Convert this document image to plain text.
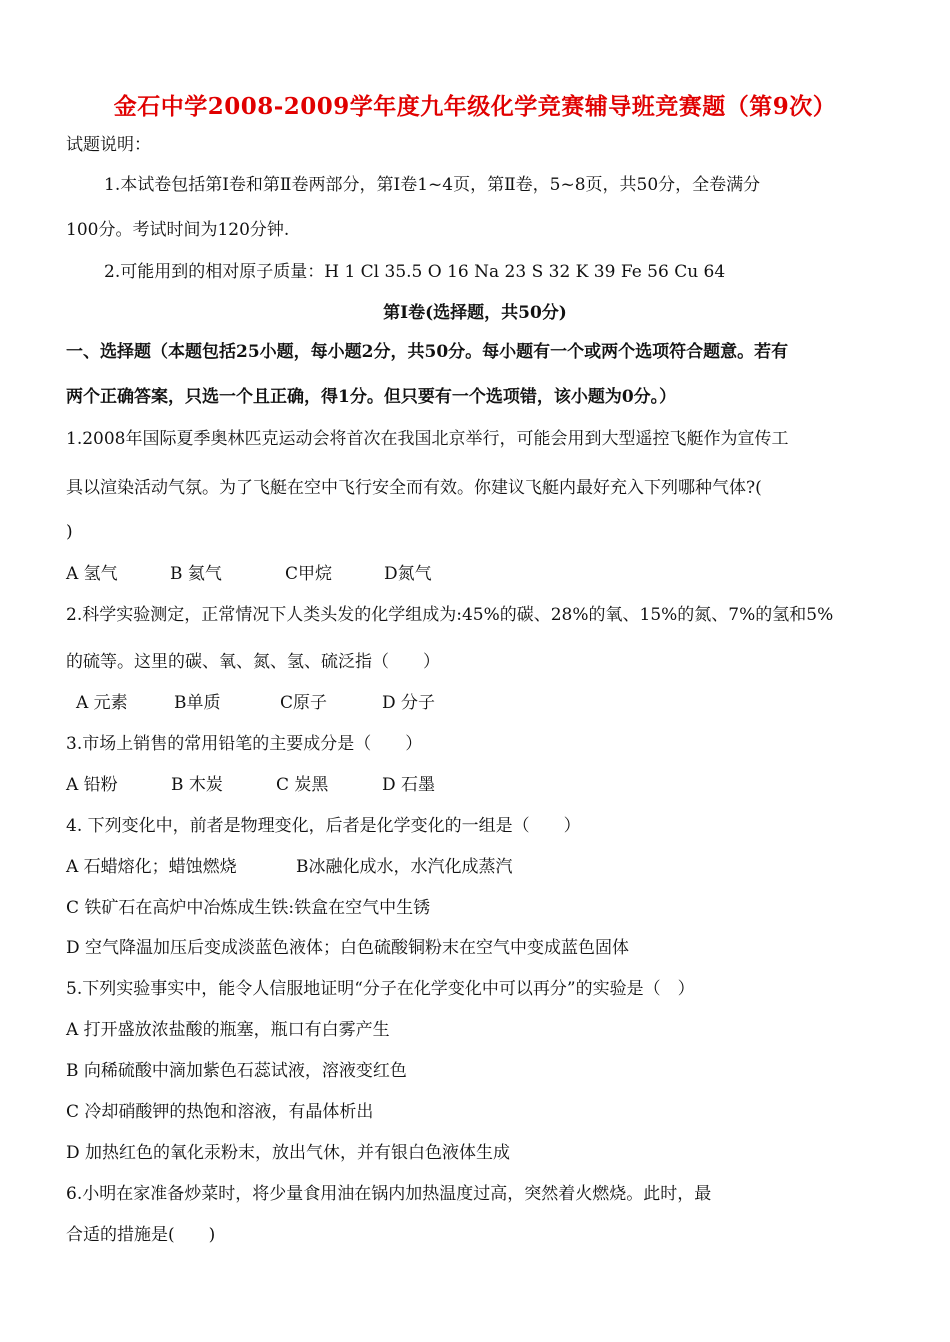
金石中学2008-2009学年度九年级化学竞赛辅导班竞赛题（第9次）
试题说明：
1.本试卷包括第Ⅰ卷和第Ⅱ卷两部分，第Ⅰ卷1~4页，第Ⅱ卷，5~8页，共50分，全卷满分
100分。考试时间为120分钟.
2.可能用到的相对原子质量：H 1 Cl 35.5 O 16 Na 23 S 32 K 39 Fe 56 Cu 64
第Ⅰ卷(选择题，共50分)
一、选择题（本题包括25小题，每小题2分，共50分。每小题有一个或两个选项符合题意。若有
两个正确答案，只选一个且正确，得1分。但只要有一个选项错，该小题为0分。）
1.2008年国际夏季奥林匹克运动会将首次在我国北京举行，可能会用到大型遥控飞艇作为宣传工
具以渲染活动气氛。为了飞艇在空中飞行安全而有效。你建议飞艇内最好充入下列哪种气体?(
)
A 氢气	B 氦气	C甲烷	D氮气
2.科学实验测定，正常情况下人类头发的化学组成为:45%的碳、28%的氧、15%的氮、7%的氢和5%
的硫等。这里的碳、氧、氮、氢、硫泛指（　　）
A 元素	B单质	C原子	D 分子
3.市场上销售的常用铅笔的主要成分是（　　）
A 铅粉	B 木炭	C 炭黑	D 石墨
4. 下列变化中，前者是物理变化，后者是化学变化的一组是（　　）
A 石蜡熔化；蜡蚀燃烧	B冰融化成水，水汽化成蒸汽
C 铁矿石在高炉中冶炼成生铁:铁盒在空气中生锈
D 空气降温加压后变成淡蓝色液体；白色硫酸铜粉末在空气中变成蓝色固体
5.下列实验事实中，能令人信服地证明“分子在化学变化中可以再分”的实验是（　）
A 打开盛放浓盐酸的瓶塞，瓶口有白雾产生
B 向稀硫酸中滴加紫色石蕊试液，溶液变红色
C 冷却硝酸钾的热饱和溶液，有晶体析出
D 加热红色的氧化汞粉末，放出气休，并有银白色液体生成
6.小明在家准备炒菜时，将少量食用油在锅内加热温度过高，突然着火燃烧。此时，最
合适的措施是(　　)
